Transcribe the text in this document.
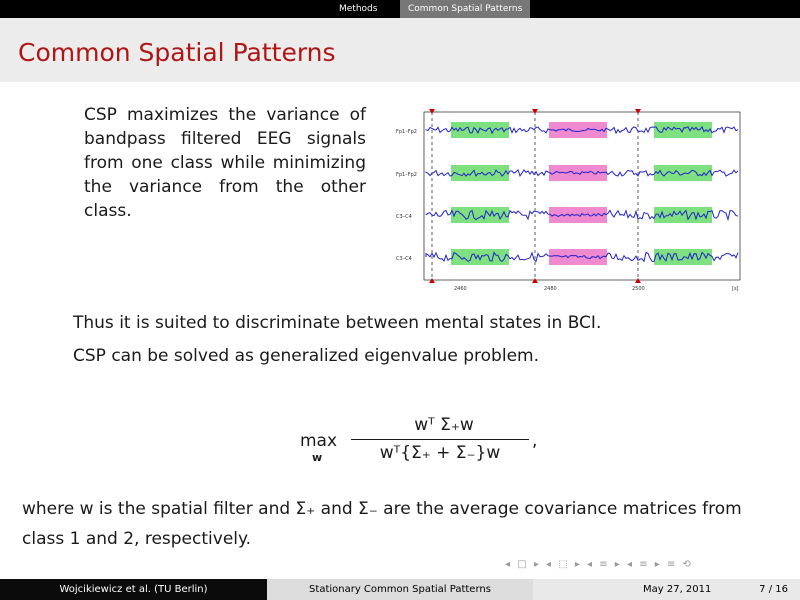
Methods	Common Spatial Patterns
Common Spatial Patterns
CSP maximizes the variance of bandpass filtered EEG signals from one class while minimizing the variance from the other class.
Fp1–Fp2
Fp1–Fp2
C3–C4
C3–C4
2460	2480	2500	[s]
Thus it is suited to discriminate between mental states in BCI.
CSP can be solved as generalized eigenvalue problem.
max
w
wᵀ Σ₊w
wᵀ{Σ₊ + Σ₋}w
,
where w is the spatial filter and Σ₊ and Σ₋ are the average covariance matrices from class 1 and 2, respectively.
◂ □ ▸ ◂ ⬚ ▸ ◂ ≡ ▸ ◂ ≡ ▸ ≡ ⟲
Wojcikiewicz et al. (TU Berlin)	Stationary Common Spatial Patterns	May 27, 2011	7 / 16
